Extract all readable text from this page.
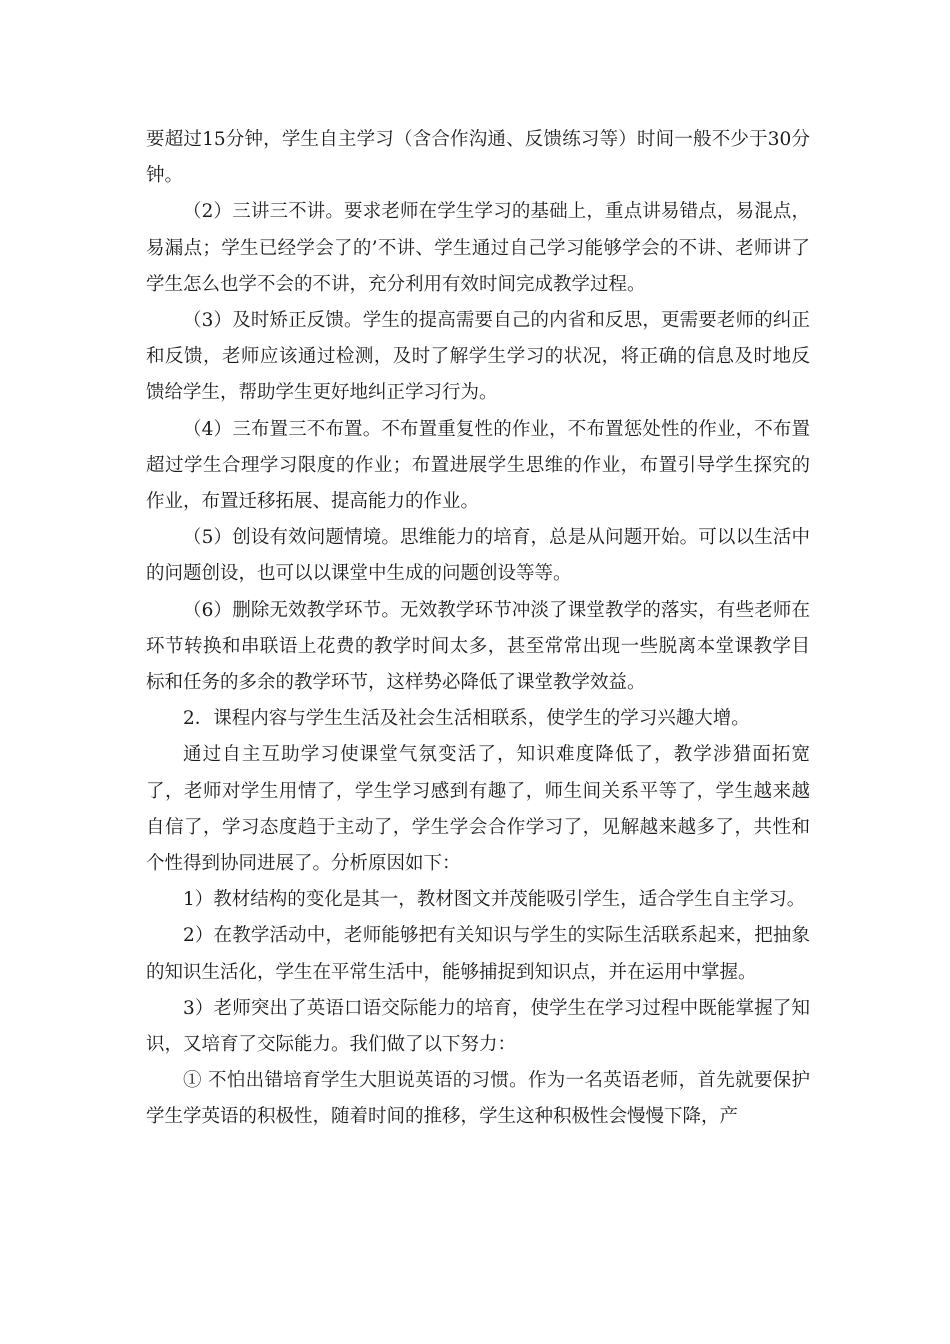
要超过15分钟，学生自主学习（含合作沟通、反馈练习等）时间一般不少于30分钟。

（2）三讲三不讲。要求老师在学生学习的基础上，重点讲易错点，易混点，易漏点；学生已经学会了的’不讲、学生通过自己学习能够学会的不讲、老师讲了学生怎么也学不会的不讲，充分利用有效时间完成教学过程。

（3）及时矫正反馈。学生的提高需要自己的内省和反思，更需要老师的纠正和反馈，老师应该通过检测，及时了解学生学习的状况，将正确的信息及时地反馈给学生，帮助学生更好地纠正学习行为。

（4）三布置三不布置。不布置重复性的作业，不布置惩处性的作业，不布置超过学生合理学习限度的作业；布置进展学生思维的作业，布置引导学生探究的作业，布置迁移拓展、提高能力的作业。

（5）创设有效问题情境。思维能力的培育，总是从问题开始。可以以生活中的问题创设，也可以以课堂中生成的问题创设等等。

（6）删除无效教学环节。无效教学环节冲淡了课堂教学的落实，有些老师在环节转换和串联语上花费的教学时间太多，甚至常常出现一些脱离本堂课教学目标和任务的多余的教学环节，这样势必降低了课堂教学效益。

2．课程内容与学生生活及社会生活相联系，使学生的学习兴趣大增。

通过自主互助学习使课堂气氛变活了，知识难度降低了，教学涉猎面拓宽了，老师对学生用情了，学生学习感到有趣了，师生间关系平等了，学生越来越自信了，学习态度趋于主动了，学生学会合作学习了，见解越来越多了，共性和个性得到协同进展了。分析原因如下：

1）教材结构的变化是其一，教材图文并茂能吸引学生，适合学生自主学习。

2）在教学活动中，老师能够把有关知识与学生的实际生活联系起来，把抽象的知识生活化，学生在平常生活中，能够捕捉到知识点，并在运用中掌握。

3）老师突出了英语口语交际能力的培育，使学生在学习过程中既能掌握了知识，又培育了交际能力。我们做了以下努力：

① 不怕出错培育学生大胆说英语的习惯。作为一名英语老师，首先就要保护学生学英语的积极性，随着时间的推移，学生这种积极性会慢慢下降，产
